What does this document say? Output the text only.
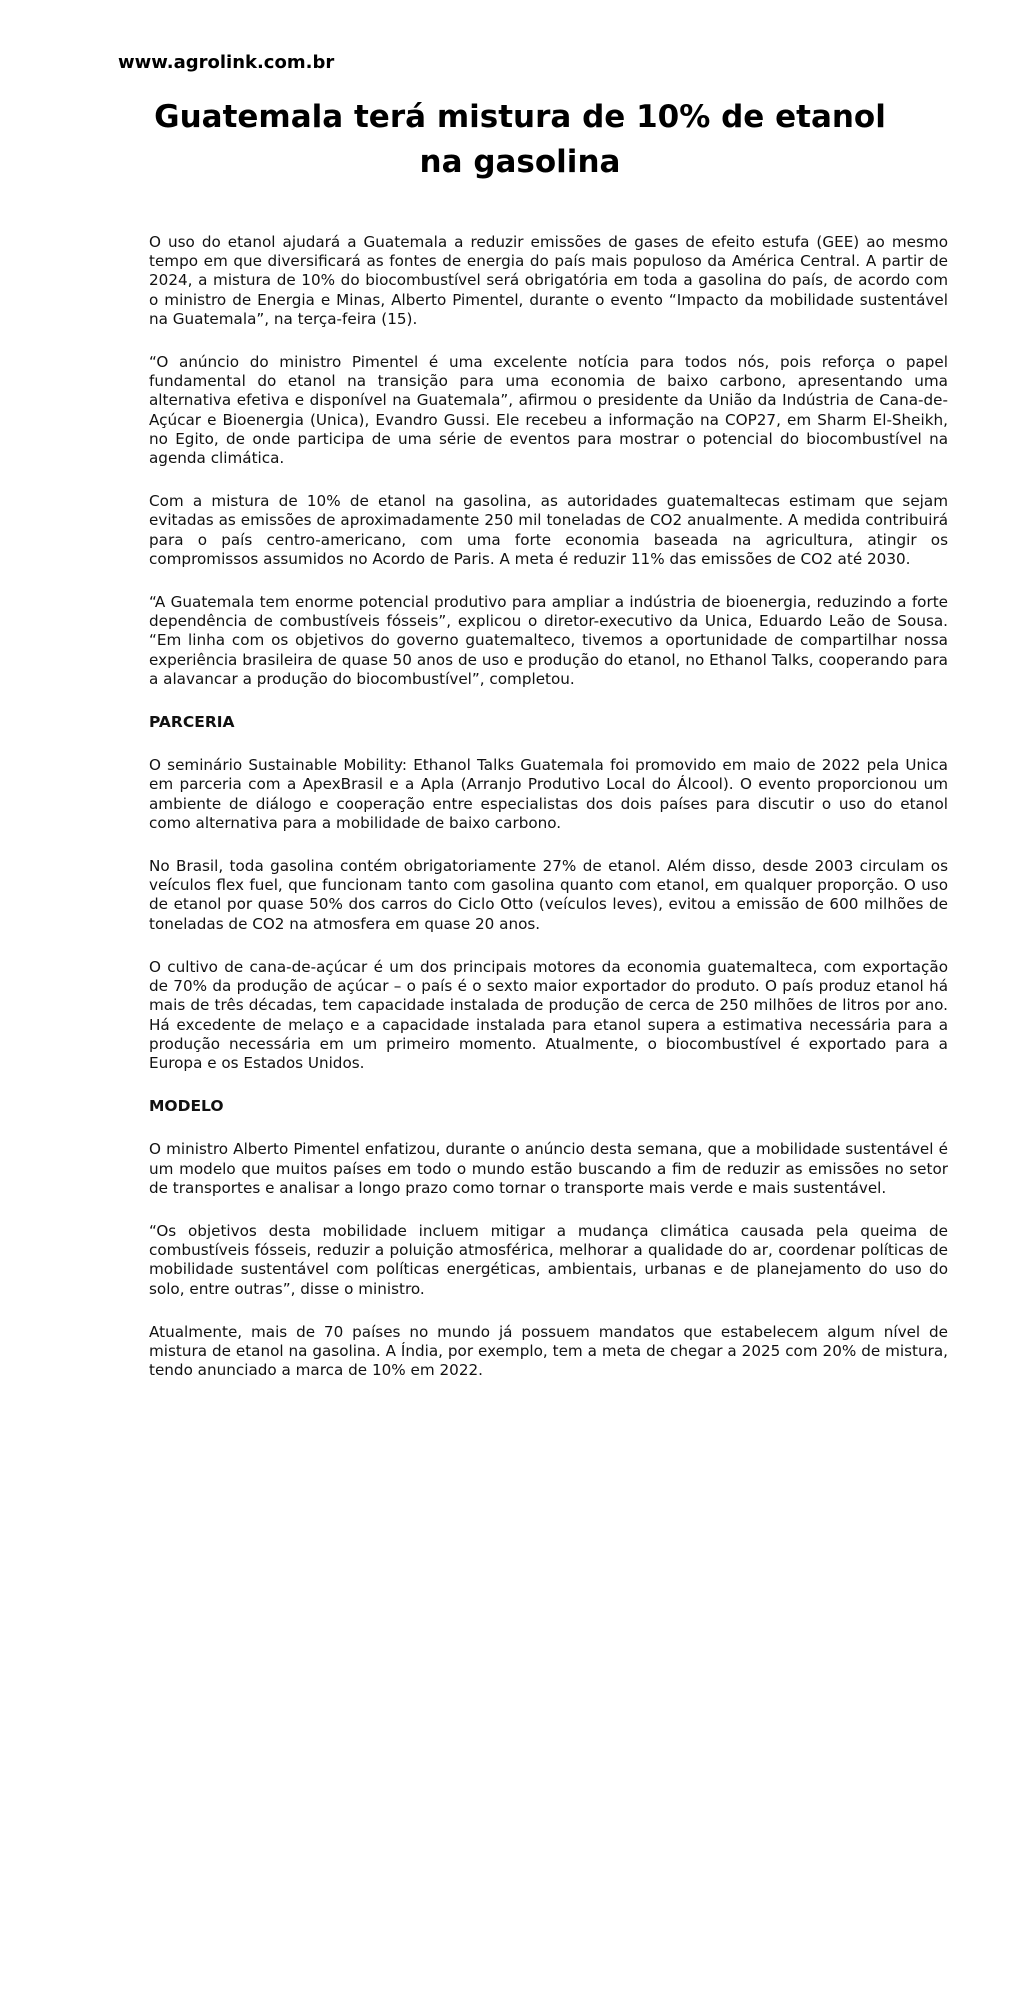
www.agrolink.com.br
Guatemala terá mistura de 10% de etanol na gasolina

O uso do etanol ajudará a Guatemala a reduzir emissões de gases de efeito estufa (GEE) ao mesmo tempo em que diversificará as fontes de energia do país mais populoso da América Central. A partir de 2024, a mistura de 10% do biocombustível será obrigatória em toda a gasolina do país, de acordo com o ministro de Energia e Minas, Alberto Pimentel, durante o evento “Impacto da mobilidade sustentável na Guatemala”, na terça-feira (15).

“O anúncio do ministro Pimentel é uma excelente notícia para todos nós, pois reforça o papel fundamental do etanol na transição para uma economia de baixo carbono, apresentando uma alternativa efetiva e disponível na Guatemala”, afirmou o presidente da União da Indústria de Cana-de-Açúcar e Bioenergia (Unica), Evandro Gussi. Ele recebeu a informação na COP27, em Sharm El-Sheikh, no Egito, de onde participa de uma série de eventos para mostrar o potencial do biocombustível na agenda climática.

Com a mistura de 10% de etanol na gasolina, as autoridades guatemaltecas estimam que sejam evitadas as emissões de aproximadamente 250 mil toneladas de CO2 anualmente. A medida contribuirá para o país centro-americano, com uma forte economia baseada na agricultura, atingir os compromissos assumidos no Acordo de Paris. A meta é reduzir 11% das emissões de CO2 até 2030.

“A Guatemala tem enorme potencial produtivo para ampliar a indústria de bioenergia, reduzindo a forte dependência de combustíveis fósseis”, explicou o diretor-executivo da Unica, Eduardo Leão de Sousa. “Em linha com os objetivos do governo guatemalteco, tivemos a oportunidade de compartilhar nossa experiência brasileira de quase 50 anos de uso e produção do etanol, no Ethanol Talks, cooperando para a alavancar a produção do biocombustível”, completou.

PARCERIA

O seminário Sustainable Mobility: Ethanol Talks Guatemala foi promovido em maio de 2022 pela Unica em parceria com a ApexBrasil e a Apla (Arranjo Produtivo Local do Álcool). O evento proporcionou um ambiente de diálogo e cooperação entre especialistas dos dois países para discutir o uso do etanol como alternativa para a mobilidade de baixo carbono.

No Brasil, toda gasolina contém obrigatoriamente 27% de etanol. Além disso, desde 2003 circulam os veículos flex fuel, que funcionam tanto com gasolina quanto com etanol, em qualquer proporção. O uso de etanol por quase 50% dos carros do Ciclo Otto (veículos leves), evitou a emissão de 600 milhões de toneladas de CO2 na atmosfera em quase 20 anos.

O cultivo de cana-de-açúcar é um dos principais motores da economia guatemalteca, com exportação de 70% da produção de açúcar – o país é o sexto maior exportador do produto. O país produz etanol há mais de três décadas, tem capacidade instalada de produção de cerca de 250 milhões de litros por ano. Há excedente de melaço e a capacidade instalada para etanol supera a estimativa necessária para a produção necessária em um primeiro momento. Atualmente, o biocombustível é exportado para a Europa e os Estados Unidos.

MODELO

O ministro Alberto Pimentel enfatizou, durante o anúncio desta semana, que a mobilidade sustentável é um modelo que muitos países em todo o mundo estão buscando a fim de reduzir as emissões no setor de transportes e analisar a longo prazo como tornar o transporte mais verde e mais sustentável.

“Os objetivos desta mobilidade incluem mitigar a mudança climática causada pela queima de combustíveis fósseis, reduzir a poluição atmosférica, melhorar a qualidade do ar, coordenar políticas de mobilidade sustentável com políticas energéticas, ambientais, urbanas e de planejamento do uso do solo, entre outras”, disse o ministro.

Atualmente, mais de 70 países no mundo já possuem mandatos que estabelecem algum nível de mistura de etanol na gasolina. A Índia, por exemplo, tem a meta de chegar a 2025 com 20% de mistura, tendo anunciado a marca de 10% em 2022.
